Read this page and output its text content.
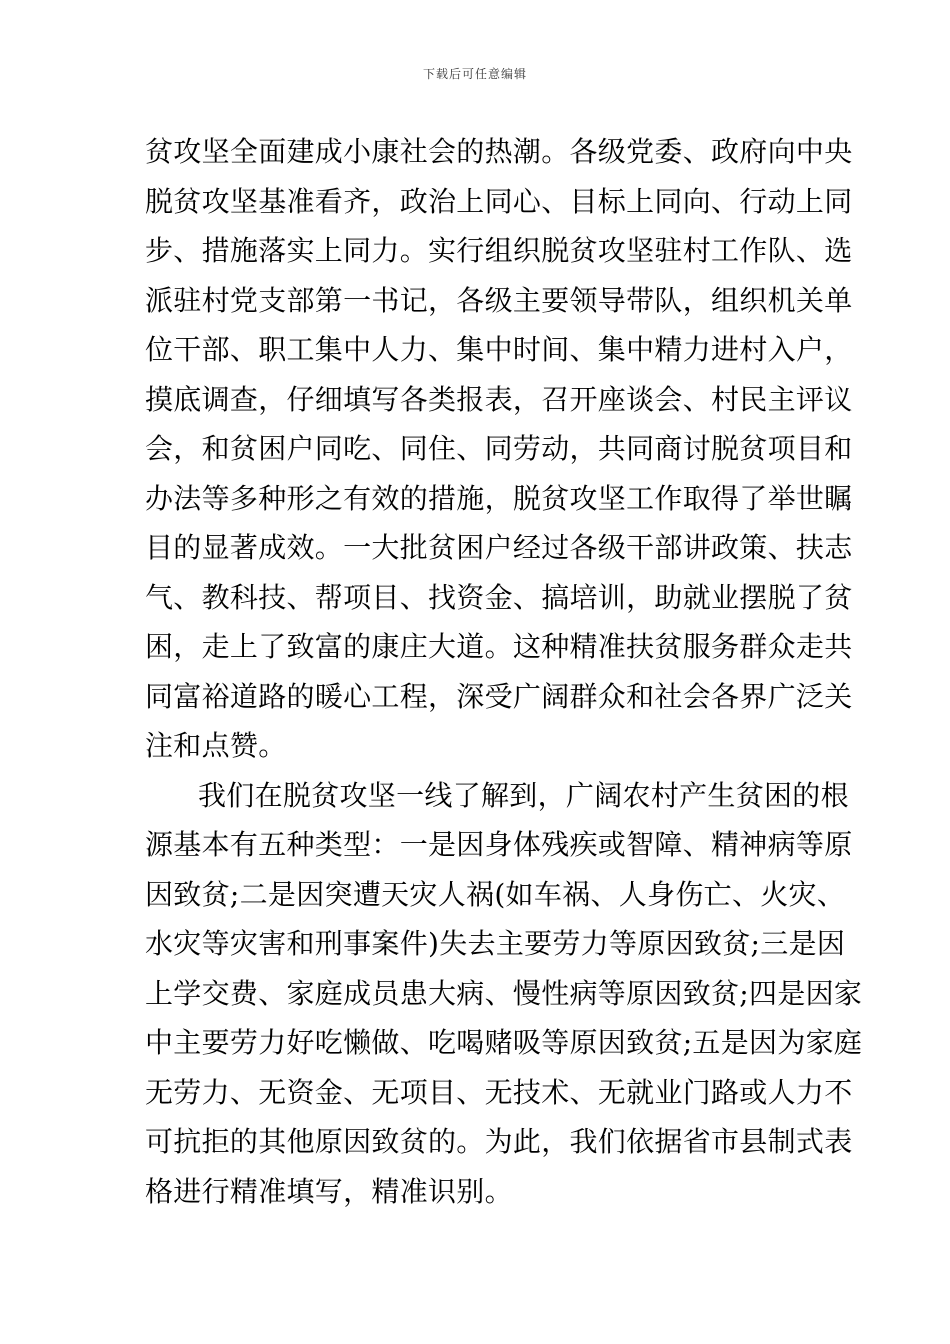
下载后可任意编辑
贫攻坚全面建成小康社会的热潮。各级党委、政府向中央
脱贫攻坚基准看齐，政治上同心、目标上同向、行动上同
步、措施落实上同力。实行组织脱贫攻坚驻村工作队、选
派驻村党支部第一书记，各级主要领导带队，组织机关单
位干部、职工集中人力、集中时间、集中精力进村入户，
摸底调查，仔细填写各类报表，召开座谈会、村民主评议
会，和贫困户同吃、同住、同劳动，共同商讨脱贫项目和
办法等多种形之有效的措施，脱贫攻坚工作取得了举世瞩
目的显著成效。一大批贫困户经过各级干部讲政策、扶志
气、教科技、帮项目、找资金、搞培训，助就业摆脱了贫
困，走上了致富的康庄大道。这种精准扶贫服务群众走共
同富裕道路的暖心工程，深受广阔群众和社会各界广泛关
注和点赞。
我们在脱贫攻坚一线了解到，广阔农村产生贫困的根
源基本有五种类型：一是因身体残疾或智障、精神病等原
因致贫;二是因突遭天灾人祸(如车祸、人身伤亡、火灾、
水灾等灾害和刑事案件)失去主要劳力等原因致贫;三是因
上学交费、家庭成员患大病、慢性病等原因致贫;四是因家
中主要劳力好吃懒做、吃喝赌吸等原因致贫;五是因为家庭
无劳力、无资金、无项目、无技术、无就业门路或人力不
可抗拒的其他原因致贫的。为此，我们依据省市县制式表
格进行精准填写，精准识别。
